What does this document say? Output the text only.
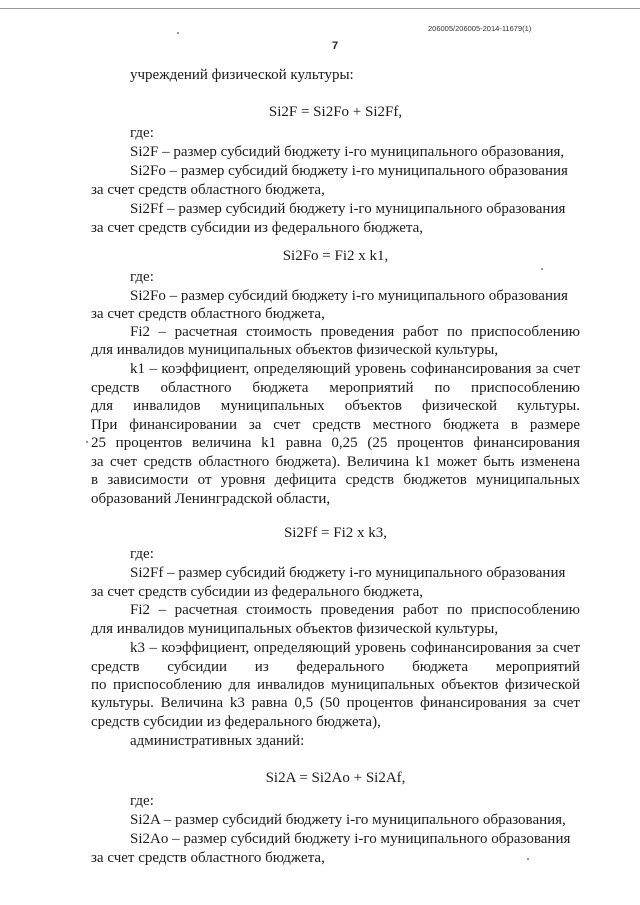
206005/206005-2014-11679(1)
7
учреждений физической культуры:
Si2F = Si2Fo + Si2Ff,
где:
Si2F – размер субсидий бюджету i-го муниципального образования,
Si2Fo – размер субсидий бюджету i-го муниципального образования
за счет средств областного бюджета,
Si2Ff – размер субсидий бюджету i-го муниципального образования
за счет средств субсидии из федерального бюджета,
Si2Fo = Fi2 x k1,
где:
Si2Fo – размер субсидий бюджету i-го муниципального образования
за счет средств областного бюджета,
Fi2 – расчетная стоимость проведения работ по приспособлению
для инвалидов муниципальных объектов физической культуры,
k1 – коэффициент, определяющий уровень софинансирования за счет
средств областного бюджета мероприятий по приспособлению
для инвалидов муниципальных объектов физической культуры.
При финансировании за счет средств местного бюджета в размере
25 процентов величина k1 равна 0,25 (25 процентов финансирования
за счет средств областного бюджета). Величина k1 может быть изменена
в зависимости от уровня дефицита средств бюджетов муниципальных
образований Ленинградской области,
Si2Ff = Fi2 x k3,
где:
Si2Ff – размер субсидий бюджету i-го муниципального образования
за счет средств субсидии из федерального бюджета,
Fi2 – расчетная стоимость проведения работ по приспособлению
для инвалидов муниципальных объектов физической культуры,
k3 – коэффициент, определяющий уровень софинансирования за счет
средств субсидии из федерального бюджета мероприятий
по приспособлению для инвалидов муниципальных объектов физической
культуры. Величина k3 равна 0,5 (50 процентов финансирования за счет
средств субсидии из федерального бюджета),
административных зданий:
Si2A = Si2Ao + Si2Af,
где:
Si2A – размер субсидий бюджету i-го муниципального образования,
Si2Ao – размер субсидий бюджету i-го муниципального образования
за счет средств областного бюджета,
